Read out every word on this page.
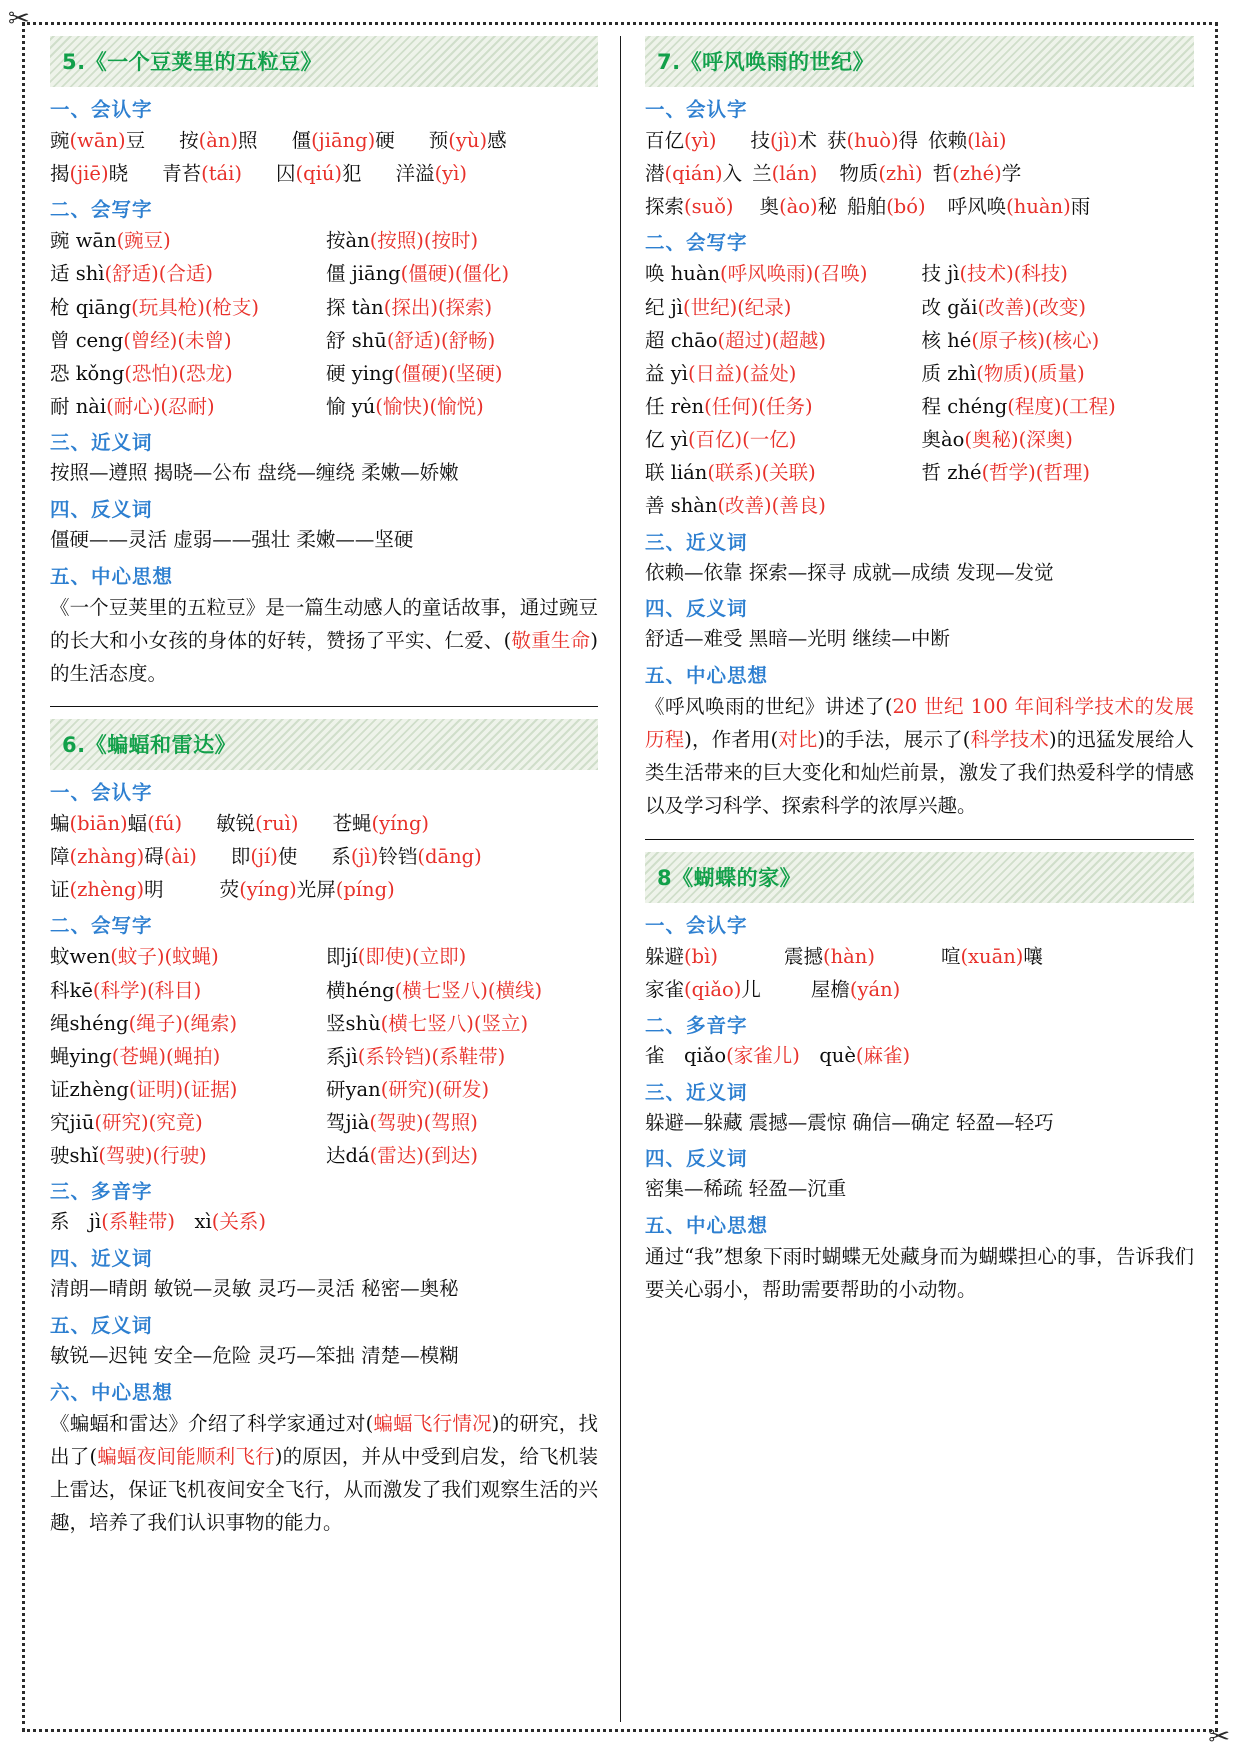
✂
✂
5.《一个豆荚里的五粒豆》
一、会认字
豌(wān)豆 按(àn)照 僵(jiāng)硬 预(yù)感
揭(jiē)晓 青苔(tái) 囚(qiú)犯 洋溢(yì)
二、会写字
豌 wān(豌豆)	按àn(按照)(按时)
适 shì(舒适)(合适)	僵 jiāng(僵硬)(僵化)
枪 qiāng(玩具枪)(枪支)	探 tàn(探出)(探索)
曾 ceng(曾经)(未曾)	舒 shū(舒适)(舒畅)
恐 kǒng(恐怕)(恐龙)	硬 ying(僵硬)(坚硬)
耐 nài(耐心)(忍耐)	愉 yú(愉快)(愉悦)
三、近义词
按照—遵照 揭晓—公布 盘绕—缠绕 柔嫩—娇嫩
四、反义词
僵硬——灵活 虚弱——强壮 柔嫩——坚硬
五、中心思想
《一个豆荚里的五粒豆》是一篇生动感人的童话故事，通过豌豆的长大和小女孩的身体的好转，赞扬了平实、仁爱、(敬重生命)的生活态度。
6.《蝙蝠和雷达》
一、会认字
蝙(biān)蝠(fú) 敏锐(ruì) 苍蝇(yíng)
障(zhàng)碍(ài) 即(jí)使 系(jì)铃铛(dāng)
证(zhèng)明	荧(yíng)光屏(píng)
二、会写字
蚊wen(蚊子)(蚊蝇)	即jí(即使)(立即)
科kē(科学)(科目)	横héng(横七竖八)(横线)
绳shéng(绳子)(绳索)	竖shù(横七竖八)(竖立)
蝇ying(苍蝇)(蝇拍)	系jì(系铃铛)(系鞋带)
证zhèng(证明)(证据)	研yan(研究)(研发)
究jiū(研究)(究竟)	驾jià(驾驶)(驾照)
驶shǐ(驾驶)(行驶)	达dá(雷达)(到达)
三、多音字
系　jì(系鞋带)　xì(关系)
四、近义词
清朗—晴朗 敏锐—灵敏 灵巧—灵活 秘密—奥秘
五、反义词
敏锐—迟钝 安全—危险 灵巧—笨拙 清楚—模糊
六、中心思想
《蝙蝠和雷达》介绍了科学家通过对(蝙蝠飞行情况)的研究，找出了(蝙蝠夜间能顺利飞行)的原因，并从中受到启发，给飞机装上雷达，保证飞机夜间安全飞行，从而激发了我们观察生活的兴趣，培养了我们认识事物的能力。
7.《呼风唤雨的世纪》
一、会认字
百亿(yì) 技(jì)术 获(huò)得 依赖(lài)
潜(qián)入 兰(lán) 物质(zhì) 哲(zhé)学
探索(suǒ) 奥(ào)秘 船舶(bó) 呼风唤(huàn)雨
二、会写字
唤 huàn(呼风唤雨)(召唤)	技 jì(技术)(科技)
纪 jì(世纪)(纪录)	改 gǎi(改善)(改变)
超 chāo(超过)(超越)	核 hé(原子核)(核心)
益 yì(日益)(益处)	质 zhì(物质)(质量)
任 rèn(任何)(任务)	程 chéng(程度)(工程)
亿 yì(百亿)(一亿)	奥ào(奥秘)(深奥)
联 lián(联系)(关联)	哲 zhé(哲学)(哲理)
善 shàn(改善)(善良)
三、近义词
依赖—依靠 探索—探寻 成就—成绩 发现—发觉
四、反义词
舒适—难受 黑暗—光明 继续—中断
五、中心思想
《呼风唤雨的世纪》讲述了(20 世纪 100 年间科学技术的发展历程)，作者用(对比)的手法，展示了(科学技术)的迅猛发展给人类生活带来的巨大变化和灿烂前景，激发了我们热爱科学的情感以及学习科学、探索科学的浓厚兴趣。
8《蝴蝶的家》
一、会认字
躲避(bì)	震撼(hàn)	喧(xuān)嚷
家雀(qiǎo)儿	屋檐(yán)
二、多音字
雀　qiǎo(家雀儿)　què(麻雀)
三、近义词
躲避—躲藏 震撼—震惊 确信—确定 轻盈—轻巧
四、反义词
密集—稀疏 轻盈—沉重
五、中心思想
通过“我”想象下雨时蝴蝶无处藏身而为蝴蝶担心的事，告诉我们要关心弱小，帮助需要帮助的小动物。
